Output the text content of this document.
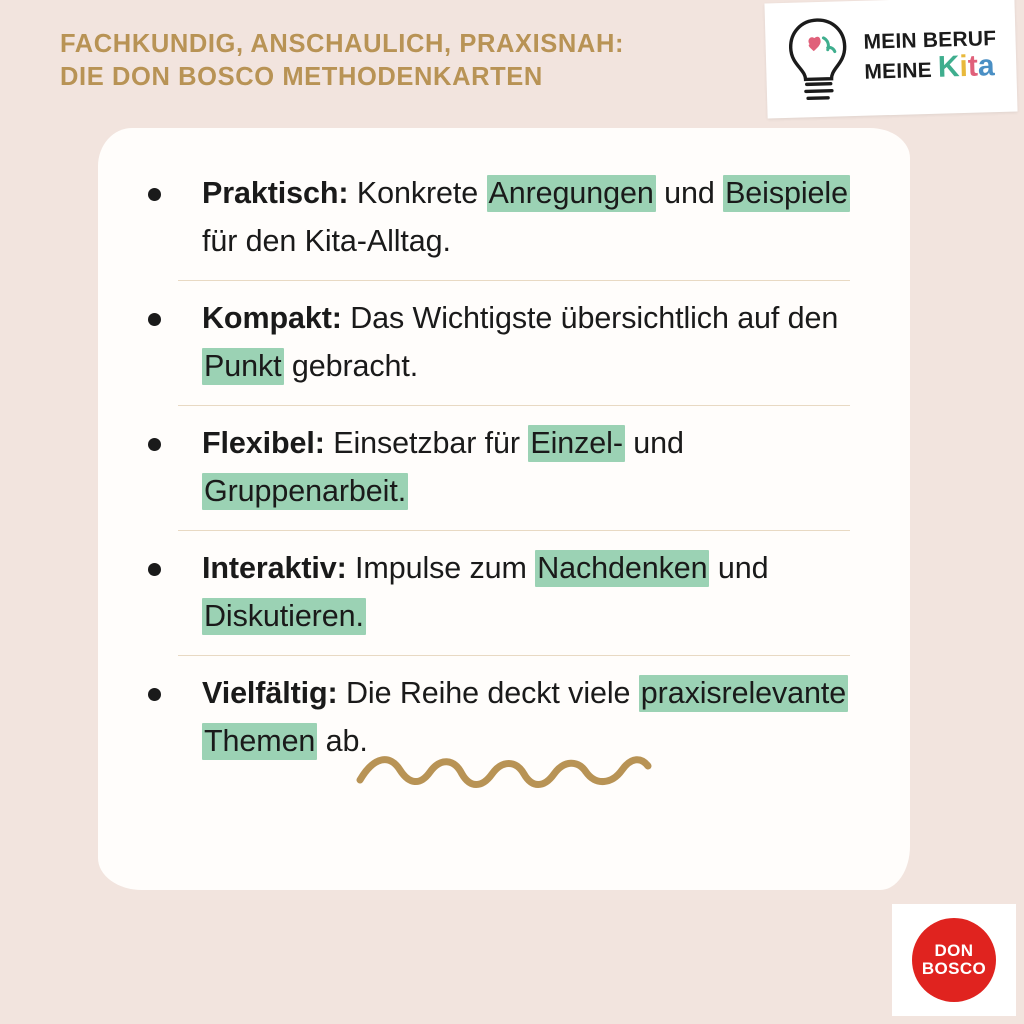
FACHKUNDIG, ANSCHAULICH, PRAXISNAH:
DIE DON BOSCO METHODENKARTEN
MEIN BERUF
MEINE Kita

Praktisch: Konkrete Anregungen und Beispiele für den Kita-Alltag.

Kompakt: Das Wichtigste übersichtlich auf den Punkt gebracht.

Flexibel: Einsetzbar für Einzel- und Gruppenarbeit.

Interaktiv: Impulse zum Nachdenken und Diskutieren.

Vielfältig: Die Reihe deckt viele praxisrelevante Themen ab.

DON
BOSCO
